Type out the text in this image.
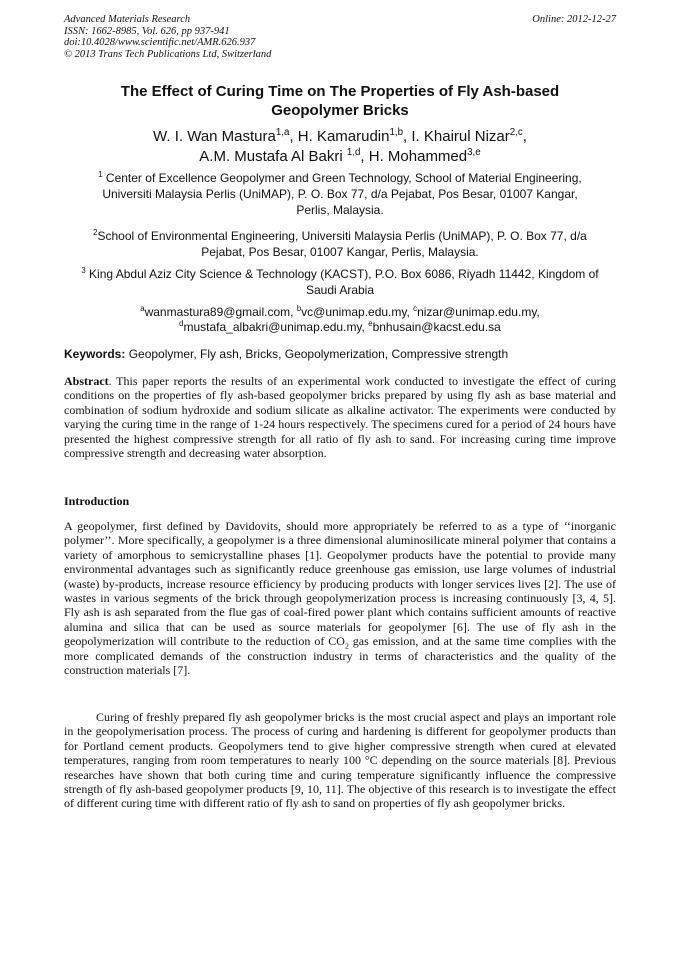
Advanced Materials Research
ISSN: 1662-8985, Vol. 626, pp 937-941
doi:10.4028/www.scientific.net/AMR.626.937
© 2013 Trans Tech Publications Ltd, Switzerland
Online: 2012-12-27
The Effect of Curing Time on The Properties of Fly Ash-based
Geopolymer Bricks
W. I. Wan Mastura$^{1,a}$, H. Kamarudin$^{1,b}$, I. Khairul Nizar$^{2,c}$,
A.M. Mustafa Al Bakri $^{1,d}$, H. Mohammed$^{3,e}$
$^1$ Center of Excellence Geopolymer and Green Technology, School of Material Engineering,
Universiti Malaysia Perlis (UniMAP), P. O. Box 77, d/a Pejabat, Pos Besar, 01007 Kangar,
Perlis, Malaysia.
$^2$School of Environmental Engineering, Universiti Malaysia Perlis (UniMAP), P. O. Box 77, d/a
Pejabat, Pos Besar, 01007 Kangar, Perlis, Malaysia.
$^3$ King Abdul Aziz City Science & Technology (KACST), P.O. Box 6086, Riyadh 11442, Kingdom of
Saudi Arabia
$^a$wanmastura89@gmail.com, $^b$vc@unimap.edu.my, $^c$nizar@unimap.edu.my,
$^d$mustafa_albakri@unimap.edu.my, $^e$bnhusain@kacst.edu.sa
Keywords: Geopolymer, Fly ash, Bricks, Geopolymerization, Compressive strength
Abstract. This paper reports the results of an experimental work conducted to investigate the effect of curing conditions on the properties of fly ash-based geopolymer bricks prepared by using fly ash as base material and combination of sodium hydroxide and sodium silicate as alkaline activator. The experiments were conducted by varying the curing time in the range of 1-24 hours respectively. The specimens cured for a period of 24 hours have presented the highest compressive strength for all ratio of fly ash to sand. For increasing curing time improve compressive strength and decreasing water absorption.
Introduction
A geopolymer, first defined by Davidovits, should more appropriately be referred to as a type of ‘‘inorganic polymer’’. More specifically, a geopolymer is a three dimensional aluminosilicate mineral polymer that contains a variety of amorphous to semicrystalline phases [1]. Geopolymer products have the potential to provide many environmental advantages such as significantly reduce greenhouse gas emission, use large volumes of industrial (waste) by-products, increase resource efficiency by producing products with longer services lives [2]. The use of wastes in various segments of the brick through geopolymerization process is increasing continuously [3, 4, 5]. Fly ash is ash separated from the flue gas of coal-fired power plant which contains sufficient amounts of reactive alumina and silica that can be used as source materials for geopolymer [6]. The use of fly ash in the geopolymerization will contribute to the reduction of $CO_2$ gas emission, and at the same time complies with the more complicated demands of the construction industry in terms of characteristics and the quality of the construction materials [7].
Curing of freshly prepared fly ash geopolymer bricks is the most crucial aspect and plays an important role in the geopolymerisation process. The process of curing and hardening is different for geopolymer products than for Portland cement products. Geopolymers tend to give higher compressive strength when cured at elevated temperatures, ranging from room temperatures to nearly 100 °C depending on the source materials [8]. Previous researches have shown that both curing time and curing temperature significantly influence the compressive strength of fly ash-based geopolymer products [9, 10, 11]. The objective of this research is to investigate the effect of different curing time with different ratio of fly ash to sand on properties of fly ash geopolymer bricks.
